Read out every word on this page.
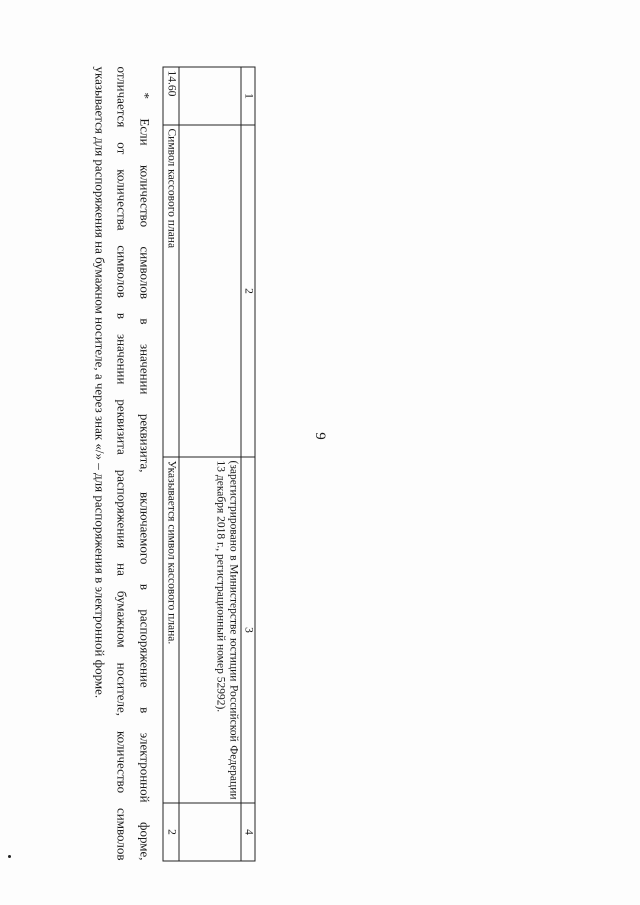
9
1	2	3	4
		(зарегистрировано в Министерстве юстиции Российской Федерации 13 декабря 2018 г., регистрационный номер 52992).	
14.60	Символ кассового плана	Указывается символ кассового плана.	2
* Если количество символов в значении реквизита, включаемого в распоряжение в электронной форме,
отличается от количества символов в значении реквизита распоряжения на бумажном носителе, количество символов
указывается для распоряжения на бумажном носителе, а через знак «/» – для распоряжения в электронной форме.
